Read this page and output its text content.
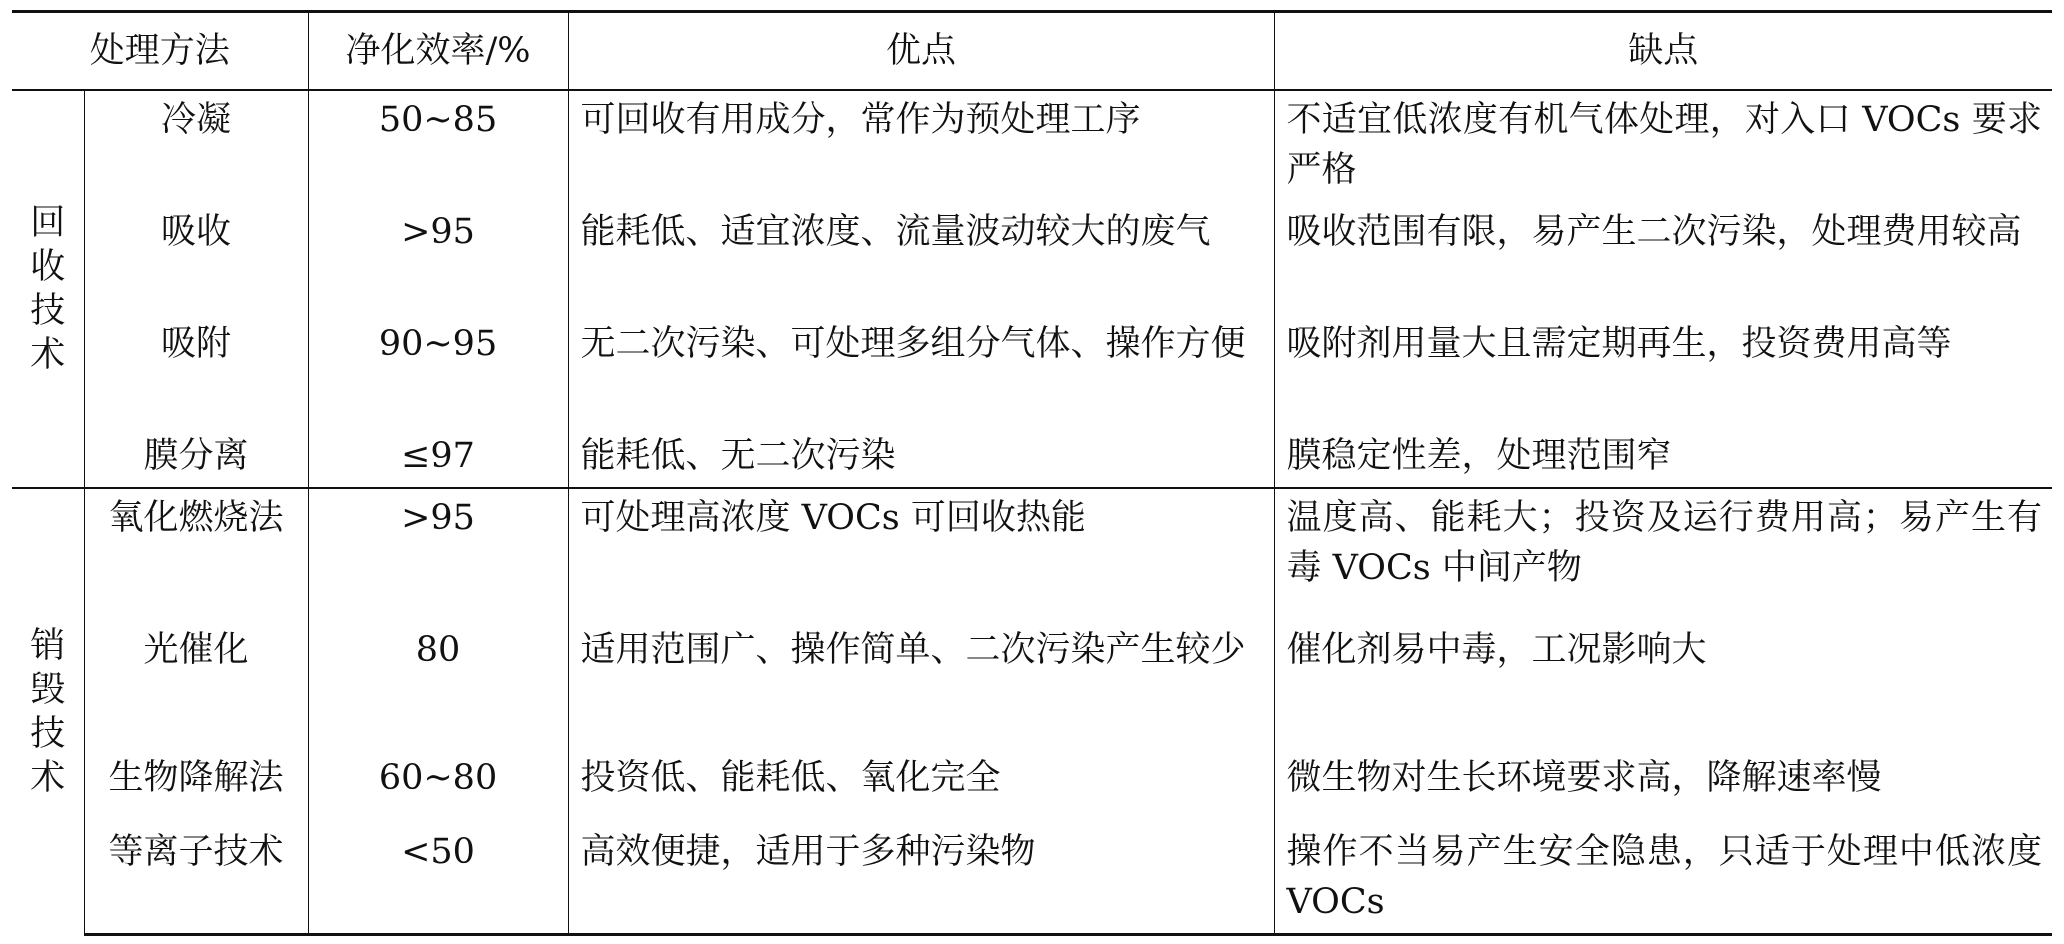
处理方法		净化效率/%	优点	缺点

回收技术	冷凝	50~85	可回收有用成分，常作为预处理工序	不适宜低浓度有机气体处理，对入口 VOCs 要求严格
	吸收	>95	能耗低、适宜浓度、流量波动较大的废气	吸收范围有限，易产生二次污染，处理费用较高
	吸附	90~95	无二次污染、可处理多组分气体、操作方便	吸附剂用量大且需定期再生，投资费用高等
	膜分离	≤97	能耗低、无二次污染	膜稳定性差，处理范围窄

销毁技术	氧化燃烧法	>95	可处理高浓度 VOCs 可回收热能	温度高、能耗大；投资及运行费用高；易产生有毒 VOCs 中间产物
	光催化	80	适用范围广、操作简单、二次污染产生较少	催化剂易中毒，工况影响大
	生物降解法	60~80	投资低、能耗低、氧化完全	微生物对生长环境要求高，降解速率慢
	等离子技术	<50	高效便捷，适用于多种污染物	操作不当易产生安全隐患，只适于处理中低浓度 VOCs
